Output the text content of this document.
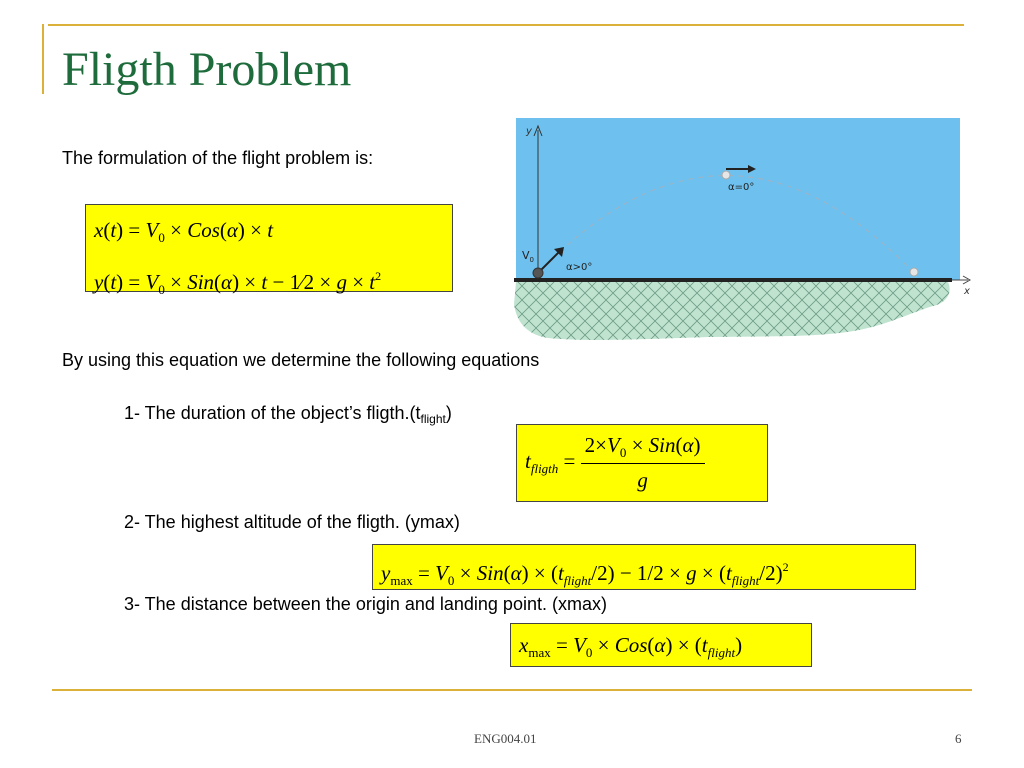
Fligth Problem
The formulation of the flight problem is:
$x(t) = V_0 \times Cos(\alpha) \times t$
$y(t) = V_0 \times Sin(\alpha) \times t$ − 1⁄2 × $g \times t^2$
y
x
$V_0$
α>0°
α=0°
By using this equation we determine the following equations
1- The duration of the object’s $fligth.(t_{flight})$
$t_{fligth} = \frac{2\times V_0 \times Sin(\alpha)}{g}$
2- The highest altitude of the fligth. (ymax)
$y_{max} = V_0 \times Sin(\alpha) \times (t_{flight}/2) - 1/2 \times g \times (t_{flight}/2)^2$
3- The distance between the origin and landing point. (xmax)
$x_{max} = V_0 \times Cos(\alpha) \times (t_{flight})$
ENG004.01	6
